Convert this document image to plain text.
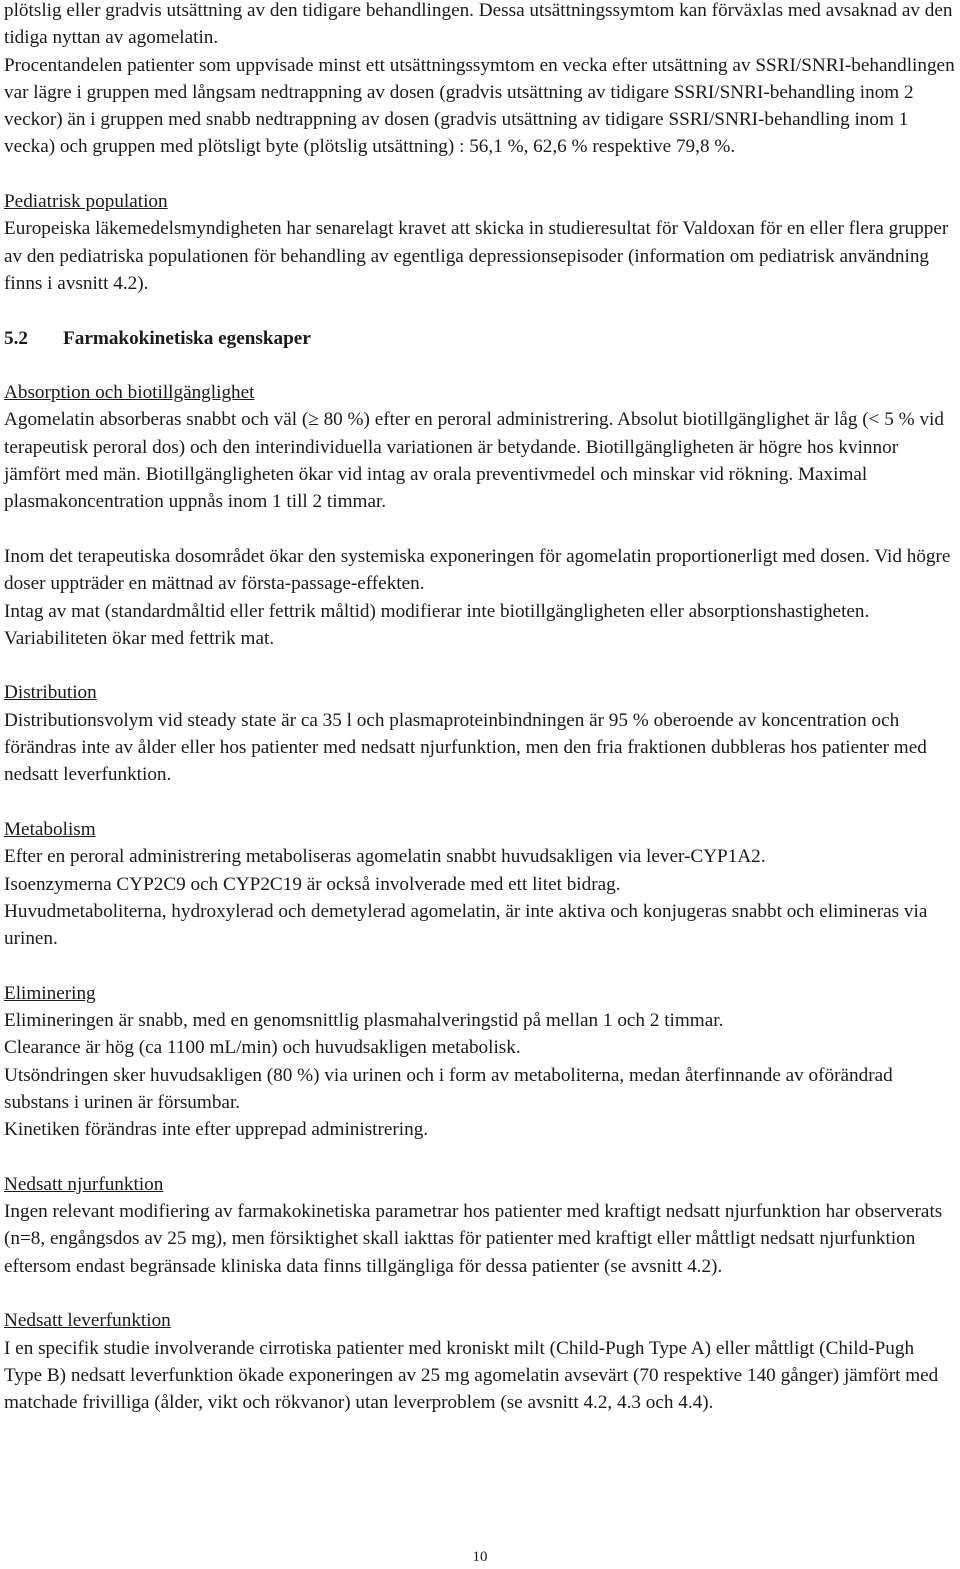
plötslig eller gradvis utsättning av den tidigare behandlingen. Dessa utsättningssymtom kan förväxlas med avsaknad av den tidiga nyttan av agomelatin.

Procentandelen patienter som uppvisade minst ett utsättningssymtom en vecka efter utsättning av SSRI/SNRI-behandlingen var lägre i gruppen med långsam nedtrappning av dosen (gradvis utsättning av tidigare SSRI/SNRI-behandling inom 2 veckor) än i gruppen med snabb nedtrappning av dosen (gradvis utsättning av tidigare SSRI/SNRI-behandling inom 1 vecka) och gruppen med plötsligt byte (plötslig utsättning) : 56,1 %, 62,6 % respektive 79,8 %.

Pediatrisk population

Europeiska läkemedelsmyndigheten har senarelagt kravet att skicka in studieresultat för Valdoxan för en eller flera grupper av den pediatriska populationen för behandling av egentliga depressionsepisoder (information om pediatrisk användning finns i avsnitt 4.2).

5.2	Farmakokinetiska egenskaper

Absorption och biotillgänglighet

Agomelatin absorberas snabbt och väl (≥ 80 %) efter en peroral administrering. Absolut biotillgänglighet är låg (< 5 % vid terapeutisk peroral dos) och den interindividuella variationen är betydande. Biotillgängligheten är högre hos kvinnor jämfört med män. Biotillgängligheten ökar vid intag av orala preventivmedel och minskar vid rökning. Maximal plasmakoncentration uppnås inom 1 till 2 timmar.

Inom det terapeutiska dosområdet ökar den systemiska exponeringen för agomelatin proportionerligt med dosen. Vid högre doser uppträder en mättnad av första-passage-effekten.

Intag av mat (standardmåltid eller fettrik måltid) modifierar inte biotillgängligheten eller absorptionshastigheten. Variabiliteten ökar med fettrik mat.

Distribution

Distributionsvolym vid steady state är ca 35 l och plasmaproteinbindningen är 95 % oberoende av koncentration och förändras inte av ålder eller hos patienter med nedsatt njurfunktion, men den fria fraktionen dubbleras hos patienter med nedsatt leverfunktion.

Metabolism

Efter en peroral administrering metaboliseras agomelatin snabbt huvudsakligen via lever-CYP1A2.

Isoenzymerna CYP2C9 och CYP2C19 är också involverade med ett litet bidrag.

Huvudmetaboliterna, hydroxylerad och demetylerad agomelatin, är inte aktiva och konjugeras snabbt och elimineras via urinen.

Eliminering

Elimineringen är snabb, med en genomsnittlig plasmahalveringstid på mellan 1 och 2 timmar.

Clearance är hög (ca 1100 mL/min) och huvudsakligen metabolisk.

Utsöndringen sker huvudsakligen (80 %) via urinen och i form av metaboliterna, medan återfinnande av oförändrad substans i urinen är försumbar.

Kinetiken förändras inte efter upprepad administrering.

Nedsatt njurfunktion

Ingen relevant modifiering av farmakokinetiska parametrar hos patienter med kraftigt nedsatt njurfunktion har observerats (n=8, engångsdos av 25 mg), men försiktighet skall iakttas för patienter med kraftigt eller måttligt nedsatt njurfunktion eftersom endast begränsade kliniska data finns tillgängliga för dessa patienter (se avsnitt 4.2).

Nedsatt leverfunktion

I en specifik studie involverande cirrotiska patienter med kroniskt milt (Child-Pugh Type A) eller måttligt (Child-Pugh Type B) nedsatt leverfunktion ökade exponeringen av 25 mg agomelatin avsevärt (70 respektive 140 gånger) jämfört med matchade frivilliga (ålder, vikt och rökvanor) utan leverproblem (se avsnitt 4.2, 4.3 och 4.4).

10
